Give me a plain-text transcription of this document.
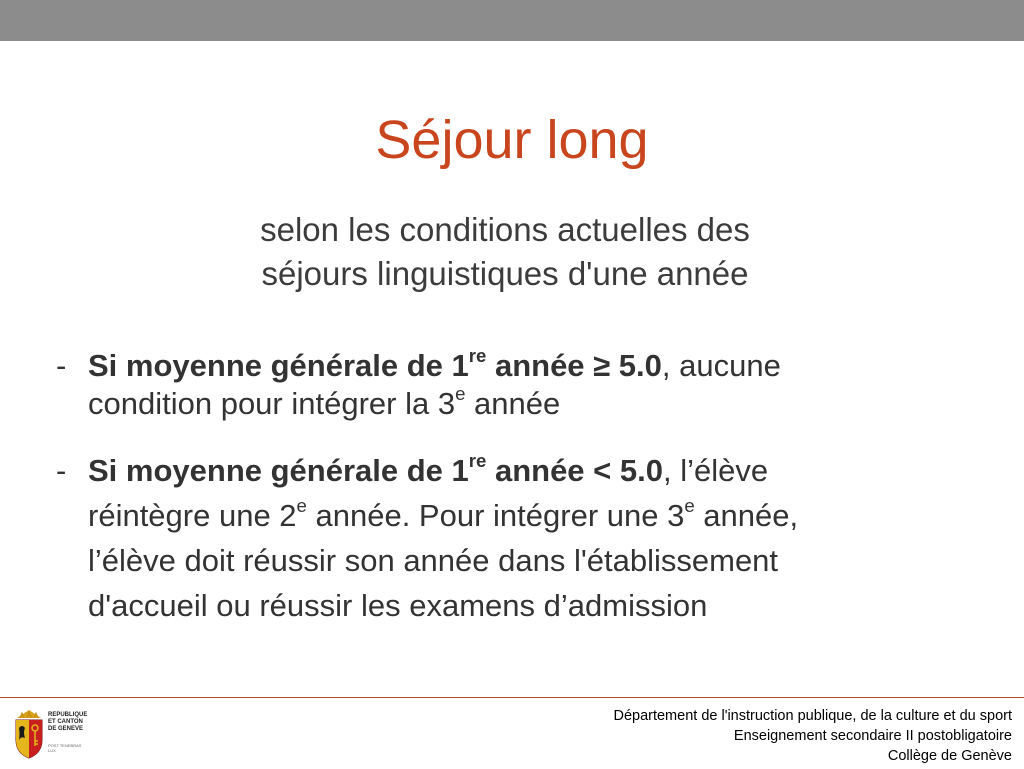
Séjour long
selon les conditions actuelles des
séjours linguistiques d'une année
- Si moyenne générale de 1re année ≥ 5.0, aucune
condition pour intégrer la 3e année
- Si moyenne générale de 1re année < 5.0, l’élève
réintègre une 2e année. Pour intégrer une 3e année,
l’élève doit réussir son année dans l'établissement
d'accueil ou réussir les examens d’admission
REPUBLIQUE
ET CANTON
DE GENEVE
POST TENEBRAS LUX
Département de l'instruction publique, de la culture et du sport
Enseignement secondaire II postobligatoire
Collège de Genève
